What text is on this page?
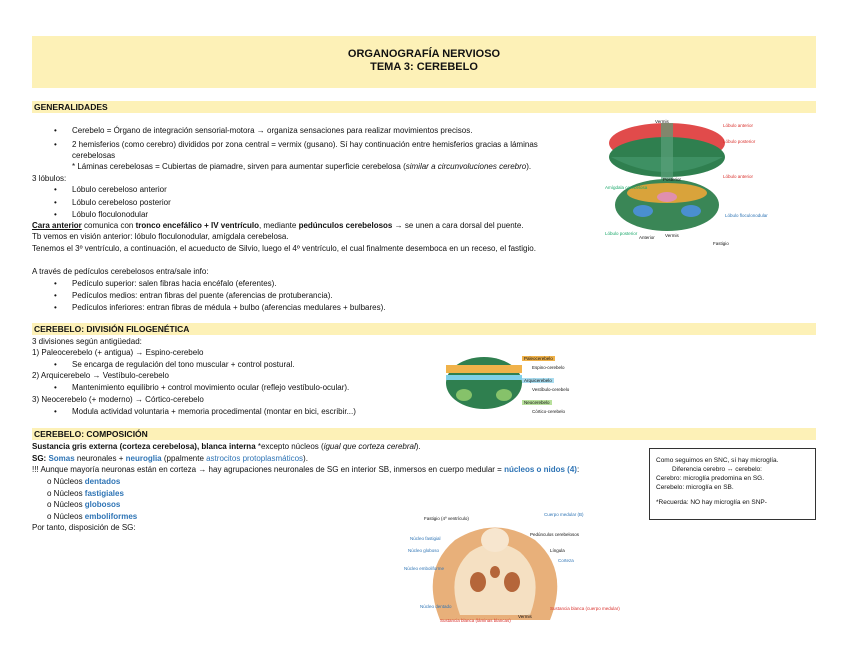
ORGANOGRAFÍA NERVIOSO
TEMA 3: CEREBELO
GENERALIDADES
• Cerebelo = Órgano de integración sensorial-motora → organiza sensaciones para realizar movimientos precisos.
• 2 hemisferios (como cerebro) divididos por zona central = vermix (gusano). Sí hay continuación entre hemisferios gracias a láminas
cerebelosas
* Láminas cerebelosas = Cubiertas de piamadre, sirven para aumentar superficie cerebelosa (similar a circunvoluciones cerebro).
3 lóbulos:
• Lóbulo cerebeloso anterior
• Lóbulo cerebeloso posterior
• Lóbulo floculonodular
Cara anterior comunica con tronco encefálico + IV ventrículo, mediante pedúnculos cerebelosos → se unen a cara dorsal del puente.
Tb vemos en visión anterior: lóbulo floculonodular, amígdala cerebelosa.
Tenemos el 3º ventrículo, a continuación, el acueducto de Silvio, luego el 4º ventrículo, el cual finalmente desemboca en un receso, el fastigio.
A través de pedículos cerebelosos entra/sale info:
• Pedículo superior: salen fibras hacia encéfalo (eferentes).
• Pedículos medios: entran fibras del puente (aferencias de protuberancia).
• Pedículos inferiores: entran fibras de médula + bulbo (aferencias medulares + bulbares).
Vermis
Lóbulo anterior
Lóbulo posterior
Lóbulo anterior
Posterior
Amígdala cerebelosa
Lóbulo floculonodular
Lóbulo posterior
Anterior Vermis
Fastigio
CEREBELO: DIVISIÓN FILOGENÉTICA
3 divisiones según antigüedad:
1) Paleocerebelo (+ antigua) → Espino-cerebelo
• Se encarga de regulación del tono muscular + control postural.
2) Arquicerebelo → Vestíbulo-cerebelo
• Mantenimiento equilibrio + control movimiento ocular (reflejo vestíbulo-ocular).
3) Neocerebelo (+ moderno) → Córtico-cerebelo
• Modula actividad voluntaria + memoria procedimental (montar en bici, escribir...)
Paleocerebelo
Espino-cerebelo
Arquicerebelo
Vestíbulo-cerebelo
Neocerebelo
Córtico-cerebelo
CEREBELO: COMPOSICIÓN
Sustancia gris externa (corteza cerebelosa), blanca interna *excepto núcleos (igual que corteza cerebral).
SG: Somas neuronales + neuroglia (ppalmente astrocitos protoplasmáticos).
!!! Aunque mayoría neuronas están en corteza → hay agrupaciones neuronales de SG en interior SB, inmersos en cuerpo medular = núcleos o nidos (4):
o Núcleos dentados
o Núcleos fastigiales
o Núcleos globosos
o Núcleos emboliformes
Por tanto, disposición de SG:
Como seguimos en SNC, sí hay microglía.
Diferencia cerebro ↔ cerebelo:
Cerebro: microglía predomina en SG.
Cerebelo: microglía en SB.
*Recuerda: NO hay microglía en SNP-
Fastigio (4º ventrículo)
Cuerpo medular (B)
Núcleo fastigial
Núcleo globoso
Núcleo emboliforme
Pedúnculos cerebelosos
Língula
Corteza
Núcleo dentado	Sustancia blanca (cuerpo medular)
Sustancia blanca (láminas blancas)
Vermis
